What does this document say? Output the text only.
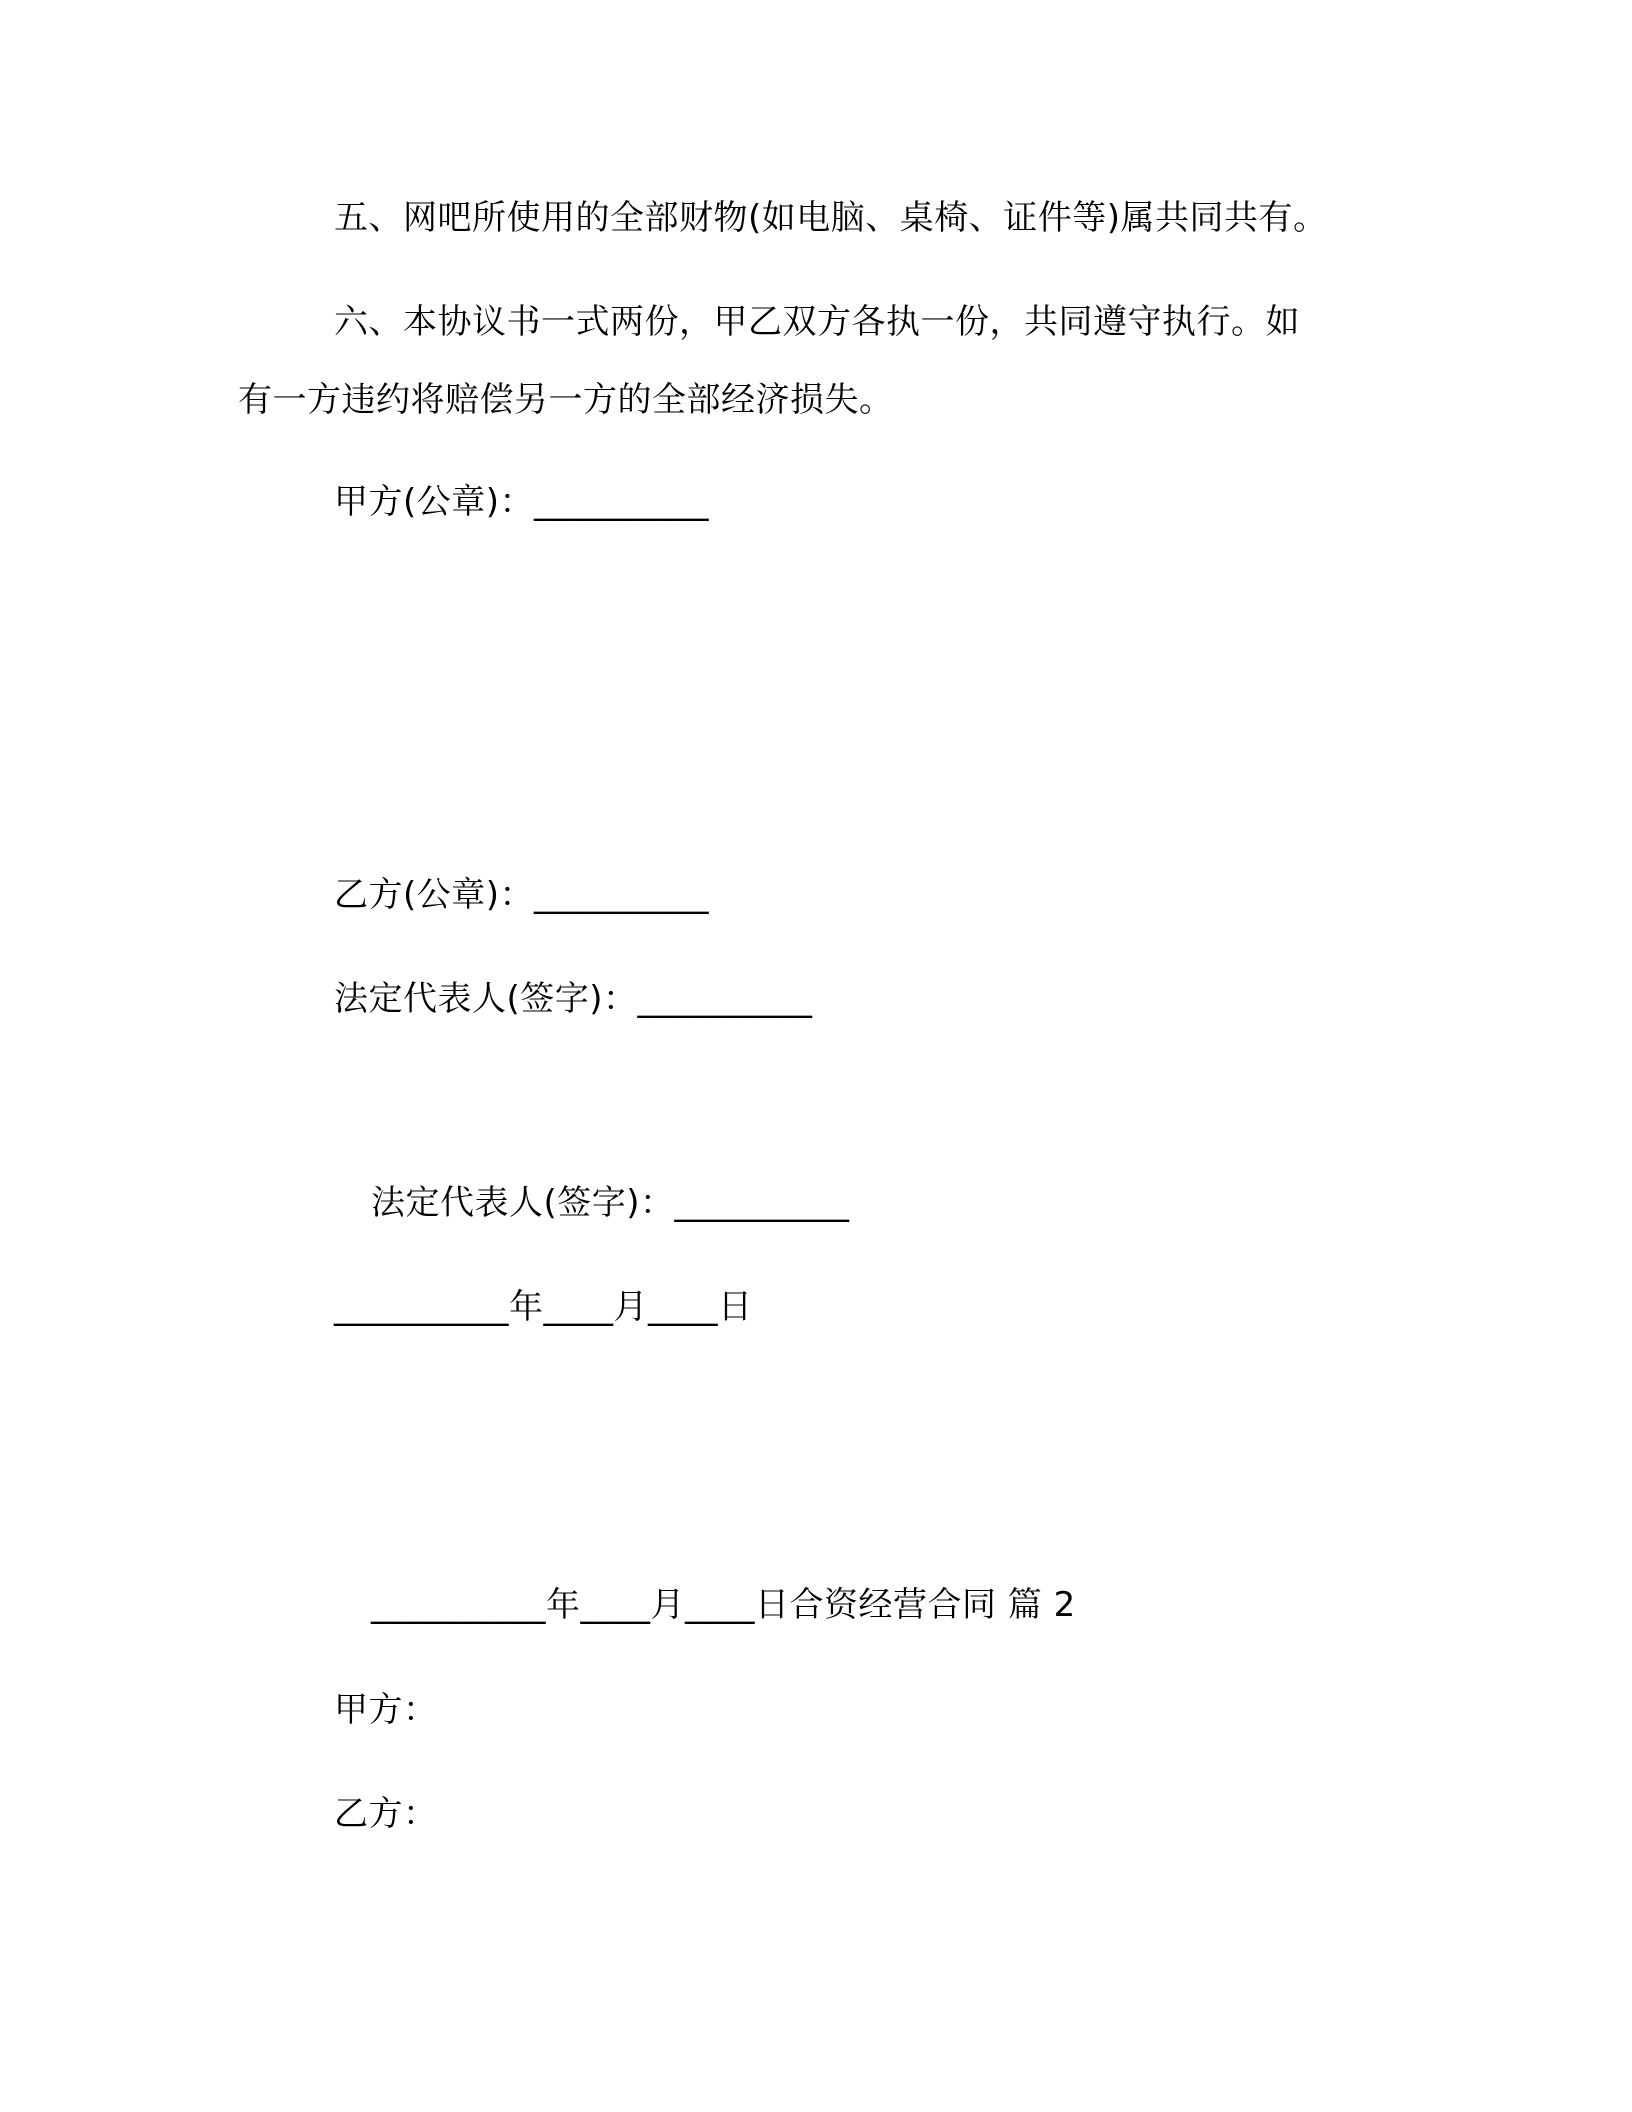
五、网吧所使用的全部财物(如电脑、桌椅、证件等)属共同共有。

六、本协议书一式两份，甲乙双方各执一份，共同遵守执行。如

有一方违约将赔偿另一方的全部经济损失。

甲方(公章)：__________

乙方(公章)：__________

法定代表人(签字)：__________

法定代表人(签字)：__________

__________年____月____日

__________年____月____日合资经营合同 篇 2

甲方：

乙方：
